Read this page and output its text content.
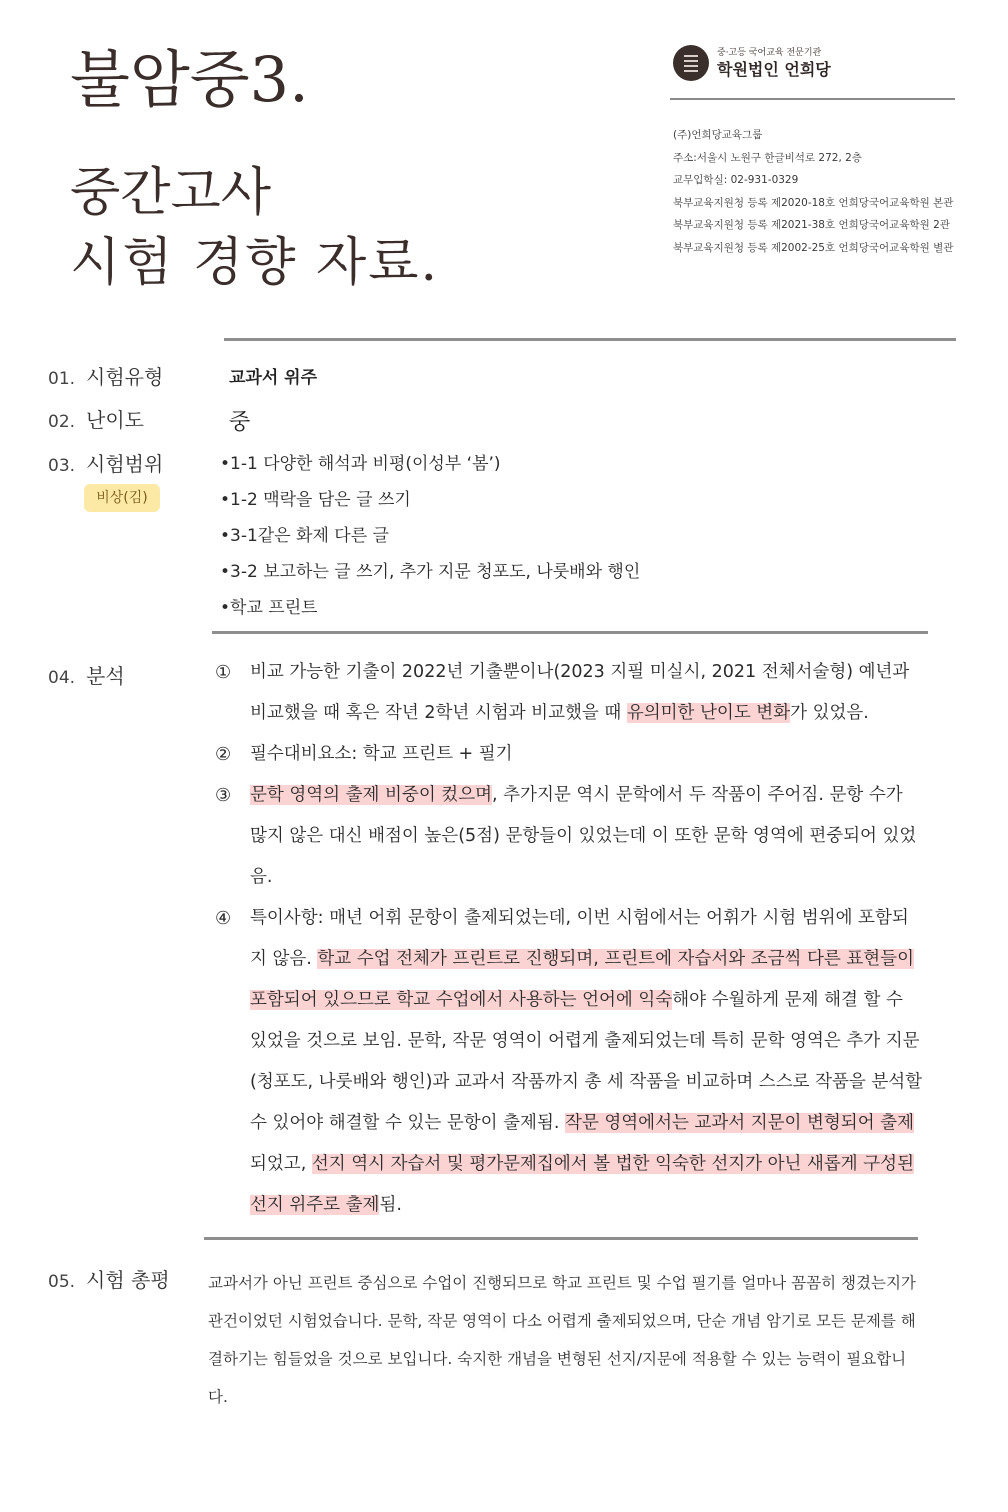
불암중3.
중간고사
시험 경향 자료.
중·고등 국어교육 전문기관
학원법인 언희당
(주)언희당교육그룹
주소:서울시 노원구 한글비석로 272, 2층
교무입학실: 02-931-0329
북부교육지원청 등록 제2020-18호 언희당국어교육학원 본관
북부교육지원청 등록 제2021-38호 언희당국어교육학원 2관
북부교육지원청 등록 제2002-25호 언희당국어교육학원 별관
01. 시험유형	교과서 위주
02. 난이도	중
03. 시험범위
비상(김)
•1-1 다양한 해석과 비평(이성부 ‘봄’)
•1-2 맥락을 담은 글 쓰기
•3-1같은 화제 다른 글
•3-2 보고하는 글 쓰기, 추가 지문 청포도, 나룻배와 행인
•학교 프린트
04. 분석	① 비교 가능한 기출이 2022년 기출뿐이나(2023 지필 미실시, 2021 전체서술형) 예년과 비교했을 때 혹은 작년 2학년 시험과 비교했을 때 유의미한 난이도 변화가 있었음.
② 필수대비요소: 학교 프린트 + 필기
③ 문학 영역의 출제 비중이 컸으며, 추가지문 역시 문학에서 두 작품이 주어짐. 문항 수가 많지 않은 대신 배점이 높은(5점) 문항들이 있었는데 이 또한 문학 영역에 편중되어 있었음.
④ 특이사항: 매년 어휘 문항이 출제되었는데, 이번 시험에서는 어휘가 시험 범위에 포함되지 않음. 학교 수업 전체가 프린트로 진행되며, 프린트에 자습서와 조금씩 다른 표현들이 포함되어 있으므로 학교 수업에서 사용하는 언어에 익숙해야 수월하게 문제 해결 할 수 있었을 것으로 보임. 문학, 작문 영역이 어렵게 출제되었는데 특히 문학 영역은 추가 지문(청포도, 나룻배와 행인)과 교과서 작품까지 총 세 작품을 비교하며 스스로 작품을 분석할 수 있어야 해결할 수 있는 문항이 출제됨. 작문 영역에서는 교과서 지문이 변형되어 출제되었고, 선지 역시 자습서 및 평가문제집에서 볼 법한 익숙한 선지가 아닌 새롭게 구성된 선지 위주로 출제됨.
05. 시험 총평 교과서가 아닌 프린트 중심으로 수업이 진행되므로 학교 프린트 및 수업 필기를 얼마나 꼼꼼히 챙겼는지가 관건이었던 시험었습니다. 문학, 작문 영역이 다소 어렵게 출제되었으며, 단순 개념 암기로 모든 문제를 해결하기는 힘들었을 것으로 보입니다. 숙지한 개념을 변형된 선지/지문에 적용할 수 있는 능력이 필요합니다.
